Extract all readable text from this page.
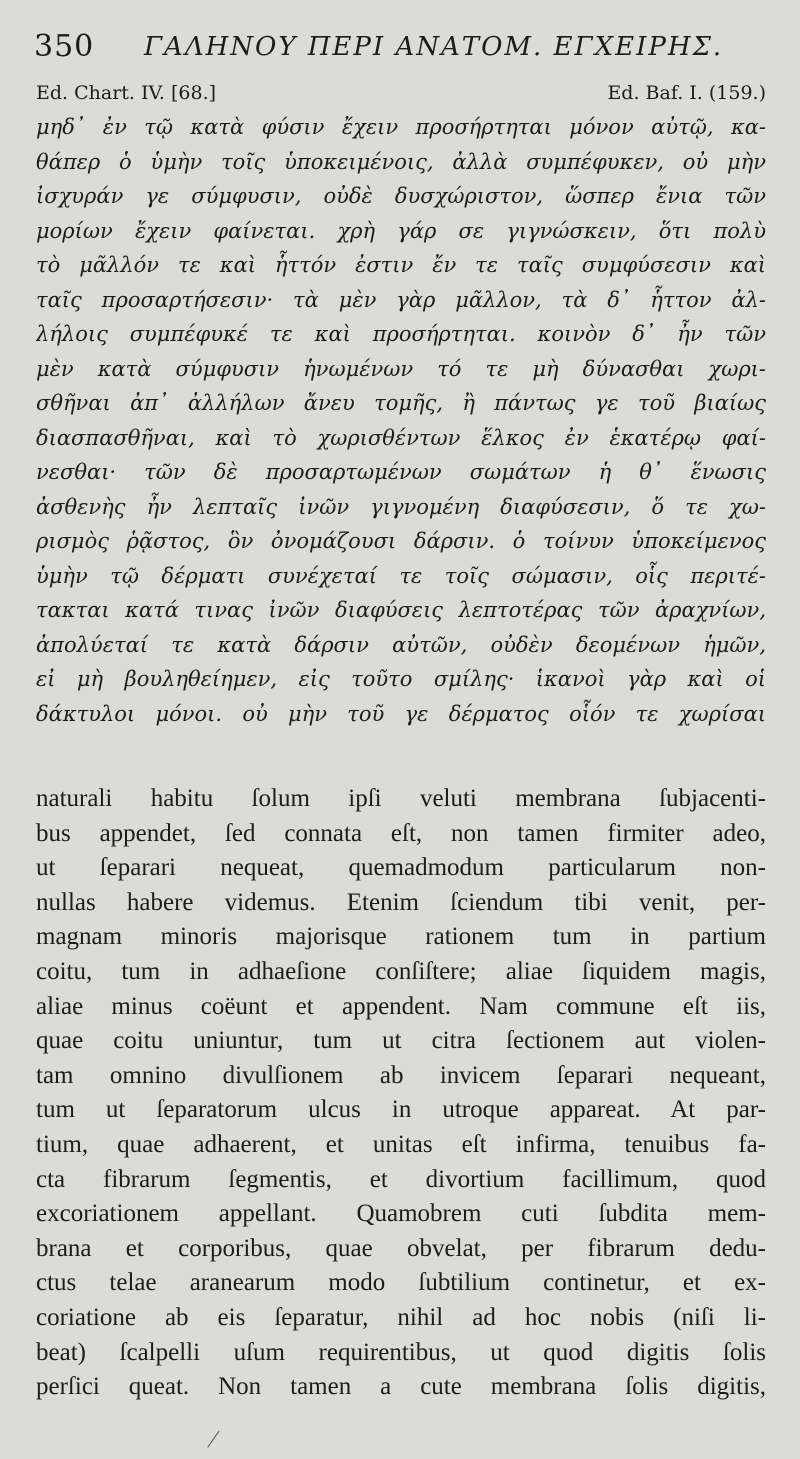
350 ΓΑΛΗΝΟΥ ΠΕΡΙ ΑΝΑΤΟΜ. ΕΓΧΕΙΡΗΣ.
Ed. Chart. IV. [68.]	Ed. Baf. I. (159.)
μηδ᾽ ἐν τῷ κατὰ φύσιν ἔχειν προσήρτηται μόνον αὐτῷ, κα-
θάπερ ὁ ὑμὴν τοῖς ὑποκειμένοις, ἀλλὰ συμπέφυκεν, οὐ μὴν
ἰσχυράν γε σύμφυσιν, οὐδὲ δυσχώριστον, ὥσπερ ἔνια τῶν
μορίων ἔχειν φαίνεται. χρὴ γάρ σε γιγνώσκειν, ὅτι πολὺ
τὸ μᾶλλόν τε καὶ ἧττόν ἐστιν ἔν τε ταῖς συμφύσεσιν καὶ
ταῖς προσαρτήσεσιν· τὰ μὲν γὰρ μᾶλλον, τὰ δ᾽ ἧττον ἀλ-
λήλοις συμπέφυκέ τε καὶ προσήρτηται. κοινὸν δ᾽ ἦν τῶν
μὲν κατὰ σύμφυσιν ἡνωμένων τό τε μὴ δύνασθαι χωρι-
σθῆναι ἀπ᾽ ἀλλήλων ἄνευ τομῆς, ἢ πάντως γε τοῦ βιαίως
διασπασθῆναι, καὶ τὸ χωρισθέντων ἕλκος ἐν ἑκατέρῳ φαί-
νεσθαι· τῶν δὲ προσαρτωμένων σωμάτων ἡ θ᾽ ἕνωσις
ἀσθενὴς ἦν λεπταῖς ἰνῶν γιγνομένη διαφύσεσιν, ὅ τε χω-
ρισμὸς ῥᾷστος, ὃν ὀνομάζουσι δάρσιν. ὁ τοίνυν ὑποκείμενος
ὑμὴν τῷ δέρματι συνέχεταί τε τοῖς σώμασιν, οἷς περιτέ-
τακται κατά τινας ἰνῶν διαφύσεις λεπτοτέρας τῶν ἀραχνίων,
ἀπολύεταί τε κατὰ δάρσιν αὐτῶν, οὐδὲν δεομένων ἡμῶν,
εἰ μὴ βουληθείημεν, εἰς τοῦτο σμίλης· ἱκανοὶ γὰρ καὶ οἱ
δάκτυλοι μόνοι. οὐ μὴν τοῦ γε δέρματος οἷόν τε χωρίσαι
naturali habitu ſolum ipſi veluti membrana ſubjacenti-
bus appendet, ſed connata eſt, non tamen firmiter adeo,
ut ſeparari nequeat, quemadmodum particularum non-
nullas habere videmus. Etenim ſciendum tibi venit, per-
magnam minoris majorisque rationem tum in partium
coitu, tum in adhaeſione conſiſtere; aliae ſiquidem magis,
aliae minus coëunt et appendent. Nam commune eſt iis,
quae coitu uniuntur, tum ut citra ſectionem aut violen-
tam omnino divulſionem ab invicem ſeparari nequeant,
tum ut ſeparatorum ulcus in utroque appareat. At par-
tium, quae adhaerent, et unitas eſt infirma, tenuibus fa-
cta fibrarum ſegmentis, et divortium facillimum, quod
excoriationem appellant. Quamobrem cuti ſubdita mem-
brana et corporibus, quae obvelat, per fibrarum dedu-
ctus telae aranearum modo ſubtilium continetur, et ex-
coriatione ab eis ſeparatur, nihil ad hoc nobis (niſi li-
beat) ſcalpelli uſum requirentibus, ut quod digitis ſolis
perſici queat. Non tamen a cute membrana ſolis digitis,
